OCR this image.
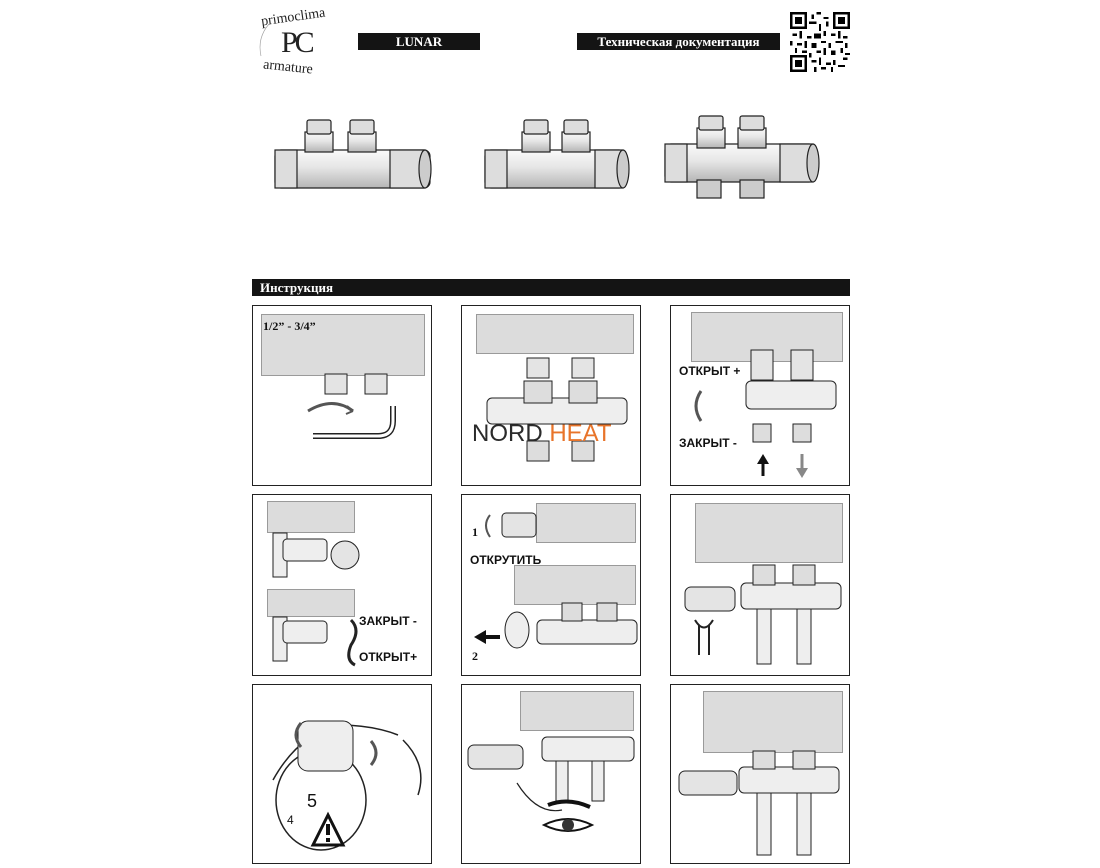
primoclima
PC
armature
LUNAR	Техническая документация
Инструкция
1/2” - 3/4”
NORD HEAT
ОТКРЫТ +
ЗАКРЫТ -
ЗАКРЫТ -
ОТКРЫТ+
1
ОТКРУТИТЬ
2
5
4
